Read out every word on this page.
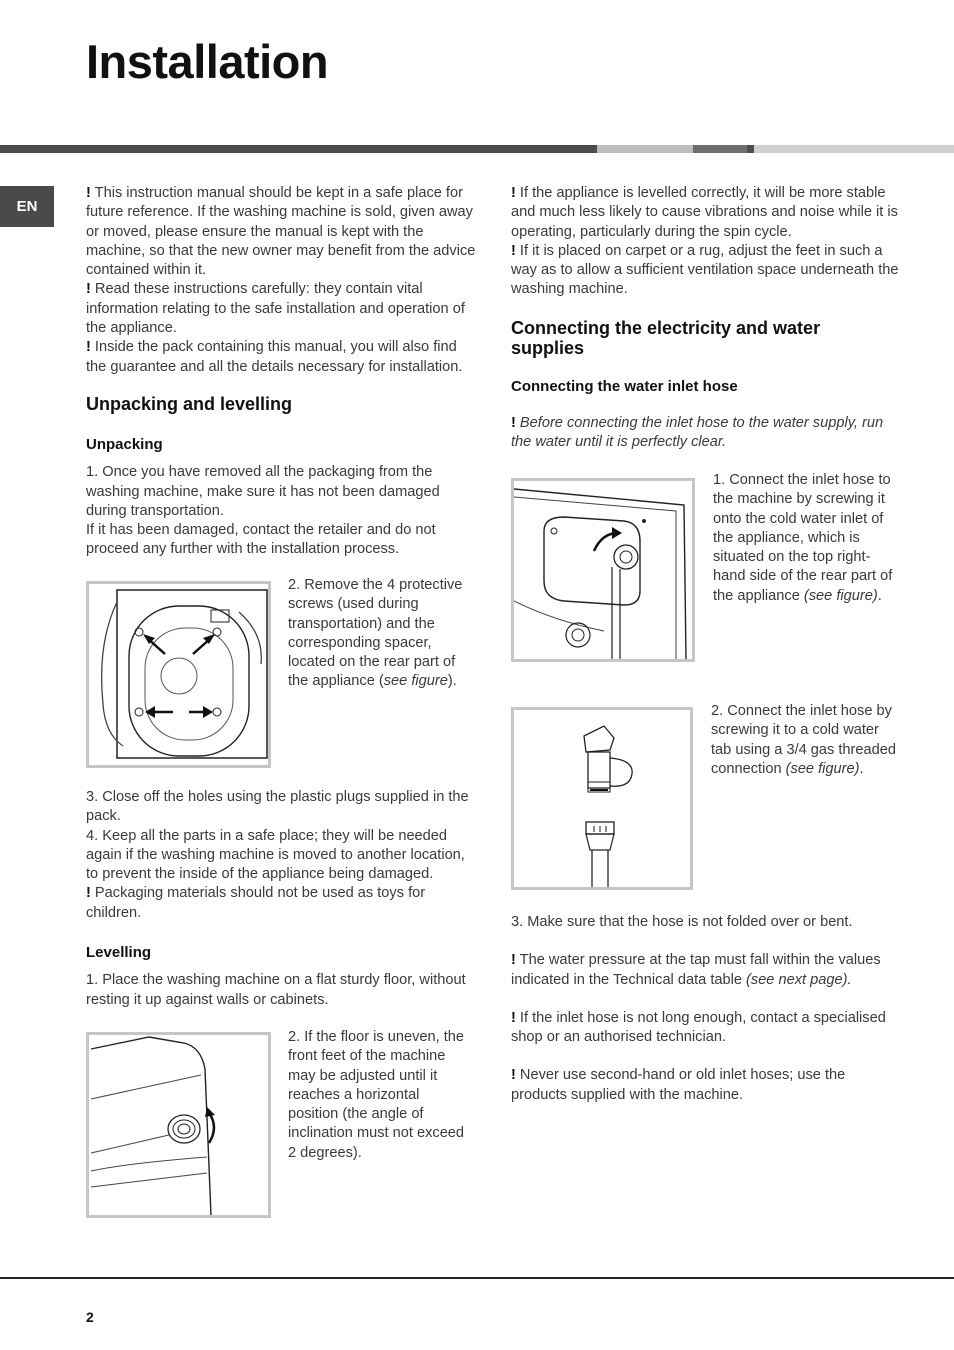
Installation
EN

! This instruction manual should be kept in a safe place for future reference. If the washing machine is sold, given away or moved, please ensure the manual is kept with the machine, so that the new owner may benefit from the advice contained within it.

! Read these instructions carefully: they contain vital information relating to the safe installation and operation of the appliance.

! Inside the pack containing this manual, you will also find the guarantee and all the details necessary for installation.

Unpacking and levelling
Unpacking

1. Once you have removed all the packaging from the washing machine, make sure it has not been damaged during transportation.

If it has been damaged, contact the retailer and do not proceed any further with the installation process.

2. Remove the 4 protective screws (used during transportation) and the corresponding spacer, located on the rear part of the appliance (see figure).

3. Close off the holes using the plastic plugs supplied in the pack.

4. Keep all the parts in a safe place; they will be needed again if the washing machine is moved to another location, to prevent the inside of the appliance being damaged.

! Packaging materials should not be used as toys for children.

Levelling

1. Place the washing machine on a flat sturdy floor, without resting it up against walls or cabinets.

2. If the floor is uneven, the front feet of the machine may be adjusted until it reaches a horizontal position (the angle of inclination must not exceed 2 degrees).

! If the appliance is levelled correctly, it will be more stable and much less likely to cause vibrations and noise while it is operating, particularly during the spin cycle.

! If it is placed on carpet or a rug, adjust the feet in such a way as to allow a sufficient ventilation space underneath the washing machine.

Connecting the electricity and water supplies
Connecting the water inlet hose

! Before connecting the inlet hose to the water supply, run the water until it is perfectly clear.

1. Connect the inlet hose to the machine by screwing it onto the cold water inlet of the appliance, which is situated on the top right-hand side of the rear part of the appliance (see figure).
2. Connect the inlet hose by screwing it to a cold water tab using a 3/4 gas threaded connection (see figure).

3. Make sure that the hose is not folded over or bent.

! The water pressure at the tap must fall within the values indicated in the Technical data table (see next page).

! If the inlet hose is not long enough, contact a specialised shop or an authorised technician.

! Never use second-hand or old inlet hoses; use the products supplied with the machine.

2
